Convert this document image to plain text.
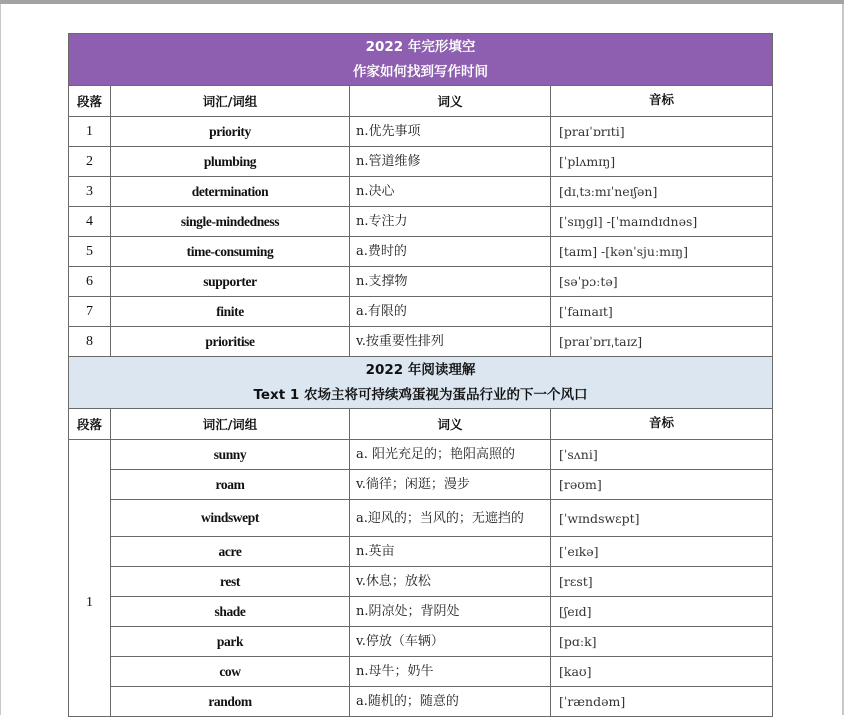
2022 年完形填空
作家如何找到写作时间			

段落	词汇/词组	词义	音标
1	priority	n.优先事项	[praɪˈɒrɪti]
2	plumbing	n.管道维修	[ˈplʌmɪŋ]
3	determination	n.决心	[dɪˌtɜːmɪˈneɪʃən]
4	single-mindedness	n.专注力	[ˈsɪŋgl] -[ˈmaɪndɪdnəs]
5	time-consuming	a.费时的	[taɪm] -[kənˈsjuːmɪŋ]
6	supporter	n.支撑物	[səˈpɔːtə]
7	finite	a.有限的	[ˈfaɪnaɪt]
8	prioritise	v.按重要性排列	[praɪˈɒrɪˌtaɪz]

2022 年阅读理解
Text 1 农场主将可持续鸡蛋视为蛋品行业的下一个风口			

段落	词汇/词组	词义	音标
1	sunny	a. 阳光充足的；艳阳高照的	[ˈsʌni]
	roam	v.徜徉；闲逛；漫步	[rəʊm]
	windswept	a.迎风的；当风的；无遮挡的	[ˈwɪndswɛpt]
	acre	n.英亩	[ˈeɪkə]
	rest	v.休息；放松	[rɛst]
	shade	n.阴凉处；背阴处	[ʃeɪd]
	park	v.停放（车辆）	[pɑːk]
	cow	n.母牛；奶牛	[kaʊ]
	random	a.随机的；随意的	[ˈrændəm]
